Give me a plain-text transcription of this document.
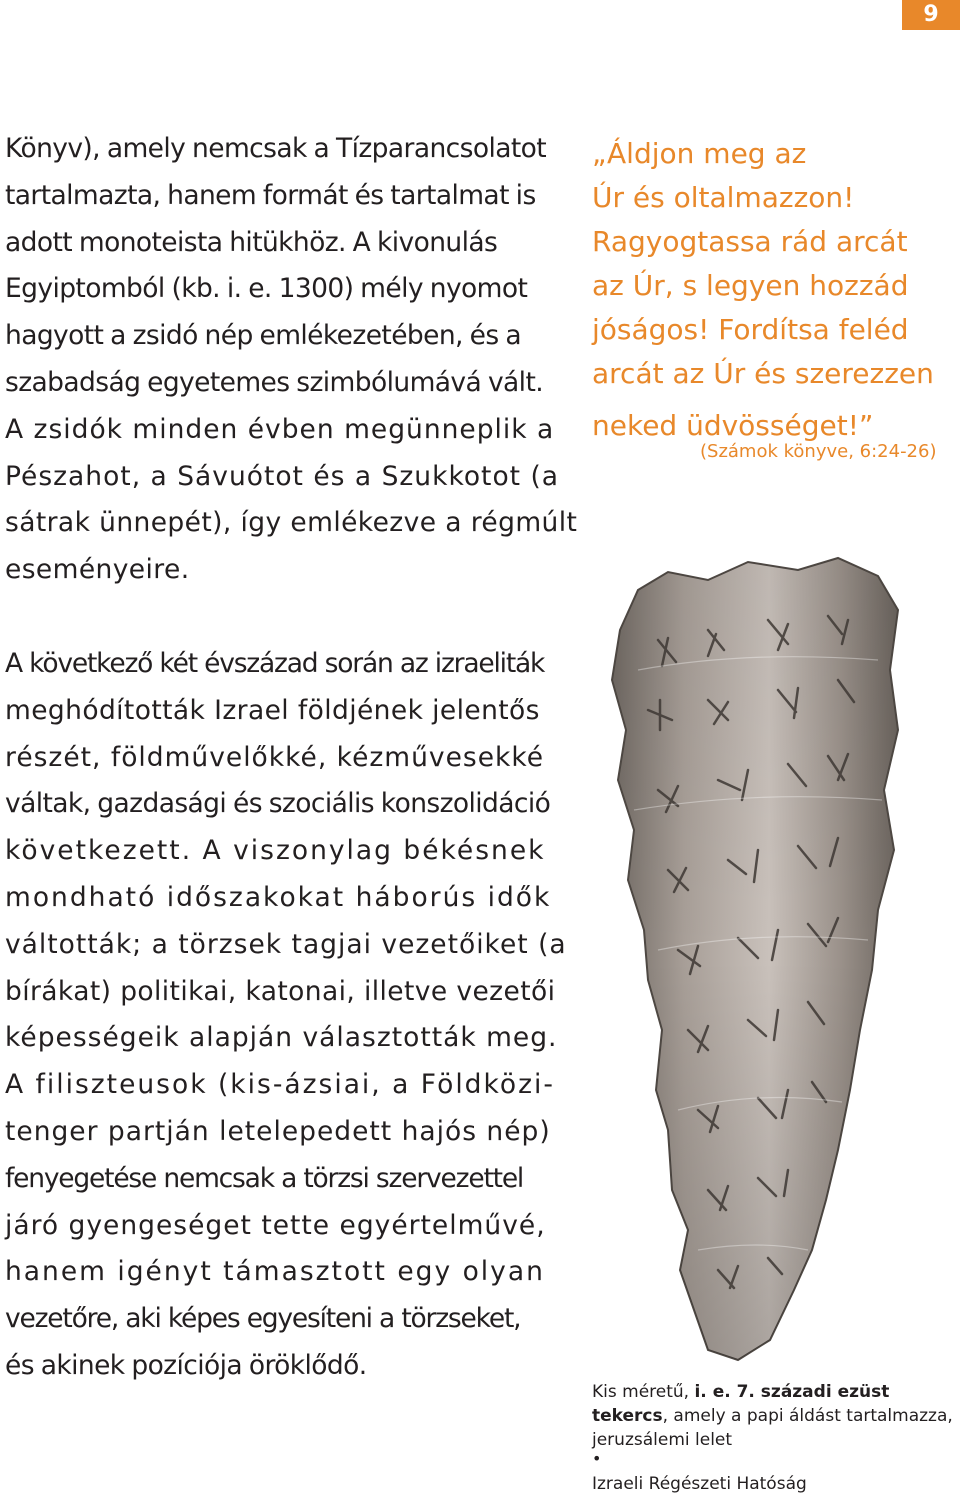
9

Könyv), amely nemcsak a Tízparancsolatot
tartalmazta, hanem formát és tartalmat is
adott monoteista hitükhöz. A kivonulás
Egyiptomból (kb. i. e. 1300) mély nyomot
hagyott a zsidó nép emlékezetében, és a
szabadság egyetemes szimbólumává vált.
A zsidók minden évben megünneplik a
Pészahot, a Sávuótot és a Szukkotot (a
sátrak ünnepét), így emlékezve a régmúlt
eseményeire.

A következő két évszázad során az izraeliták
meghódították Izrael földjének jelentős
részét, földművelőkké, kézművesekké
váltak, gazdasági és szociális konszolidáció
következett. A viszonylag békésnek
mondható időszakokat háborús idők
váltották; a törzsek tagjai vezetőiket (a
bírákat) politikai, katonai, illetve vezetői
képességeik alapján választották meg.
A filiszteusok (kis-ázsiai, a Földközi-
tenger partján letelepedett hajós nép)
fenyegetése nemcsak a törzsi szervezettel
járó gyengeséget tette egyértelművé,
hanem igényt támasztott egy olyan
vezetőre, aki képes egyesíteni a törzseket,
és akinek pozíciója öröklődő.

„Áldjon meg az
Úr és oltalmazzon!
Ragyogtassa rád arcát
az Úr, s legyen hozzád
jóságos! Fordítsa feléd
arcát az Úr és szerezzen
neked üdvösséget!”

(Számok könyve, 6:24-26)

Kis méretű, i. e. 7. századi ezüst
tekercs, amely a papi áldást tartalmazza,
jeruzsálemi lelet
•
Izraeli Régészeti Hatóság
